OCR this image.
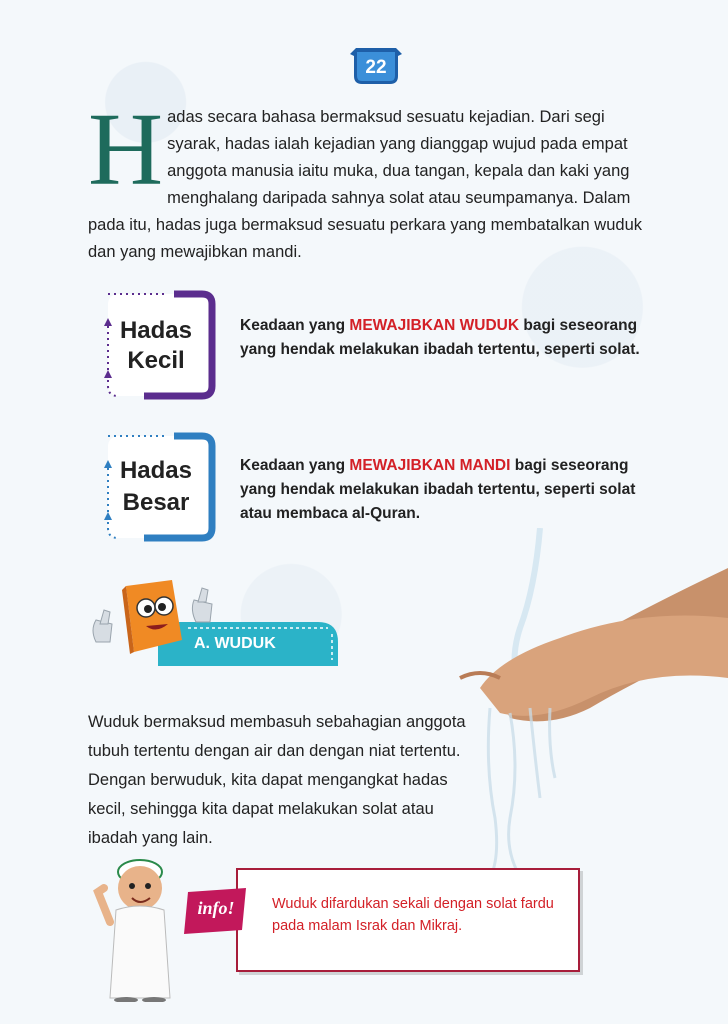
22
H adas secara bahasa bermaksud sesuatu kejadian. Dari segi syarak, hadas ialah kejadian yang dianggap wujud pada empat anggota manusia iaitu muka, dua tangan, kepala dan kaki yang menghalang daripada sahnya solat atau seumpamanya. Dalam pada itu, hadas juga bermaksud sesuatu perkara yang membatalkan wuduk dan yang mewajibkan mandi.
Hadas
Kecil
Keadaan yang MEWAJIBKAN WUDUK bagi seseorang yang hendak melakukan ibadah tertentu, seperti solat.
Hadas
Besar
Keadaan yang MEWAJIBKAN MANDI bagi seseorang yang hendak melakukan ibadah tertentu, seperti solat atau membaca al-Quran.
A. WUDUK
Wuduk bermaksud membasuh sebahagian anggota tubuh tertentu dengan air dan dengan niat tertentu. Dengan berwuduk, kita dapat mengangkat hadas kecil, sehingga kita dapat melakukan solat atau ibadah yang lain.
info!	Wuduk difardukan sekali dengan solat fardu pada malam Israk dan Mikraj.
